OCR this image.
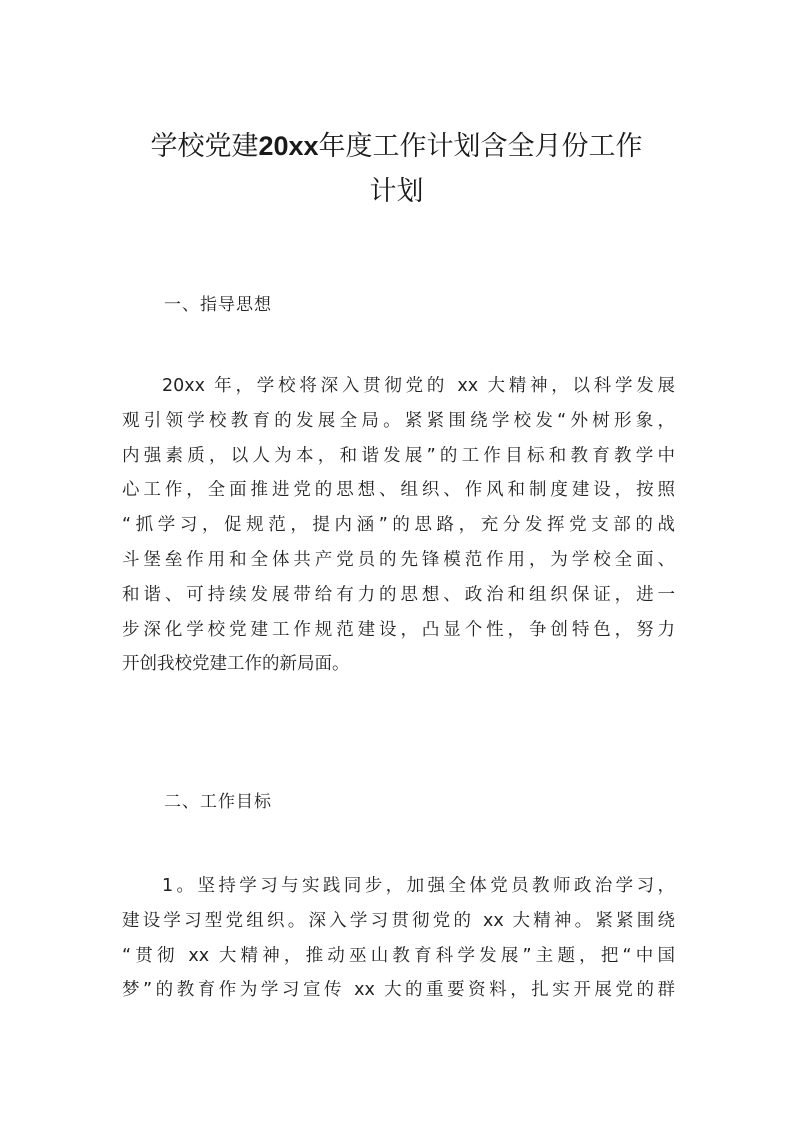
学校党建20xx年度工作计划含全月份工作
计划
一、指导思想
20xx 年，学校将深入贯彻党的 xx 大精神，以科学发展
观引领学校教育的发展全局。紧紧围绕学校发“外树形象，
内强素质，以人为本，和谐发展”的工作目标和教育教学中
心工作，全面推进党的思想、组织、作风和制度建设，按照
“抓学习，促规范，提内涵”的思路，充分发挥党支部的战
斗堡垒作用和全体共产党员的先锋模范作用，为学校全面、
和谐、可持续发展带给有力的思想、政治和组织保证，进一
步深化学校党建工作规范建设，凸显个性，争创特色，努力
开创我校党建工作的新局面。
二、工作目标
1。坚持学习与实践同步，加强全体党员教师政治学习，
建设学习型党组织。深入学习贯彻党的 xx 大精神。紧紧围绕
“贯彻 xx 大精神，推动巫山教育科学发展”主题，把“中国
梦”的教育作为学习宣传 xx 大的重要资料，扎实开展党的群
